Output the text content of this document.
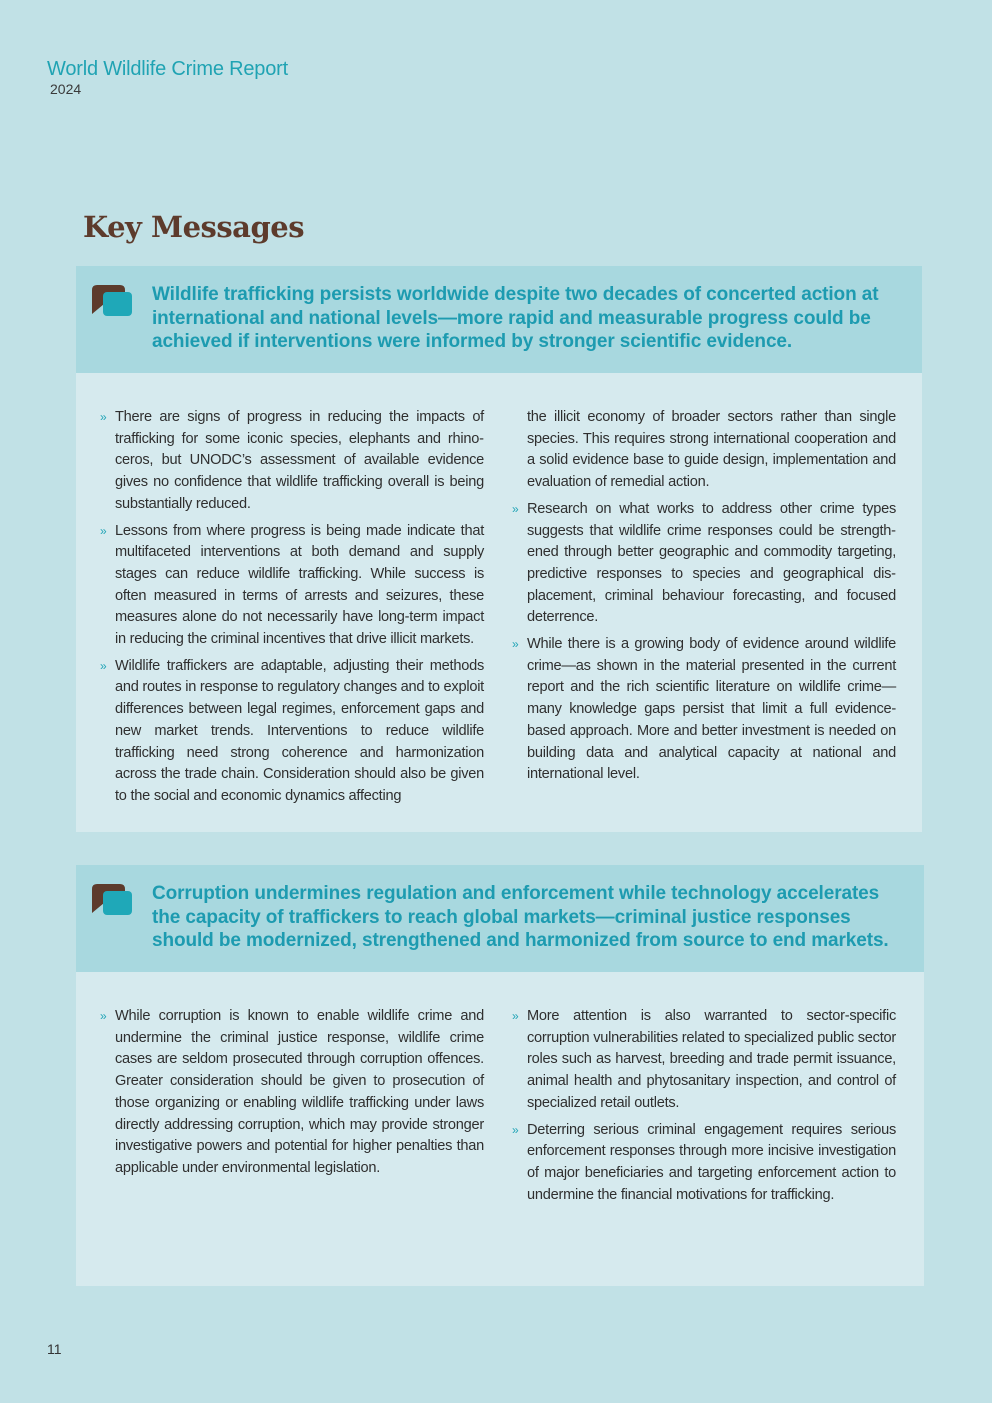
World Wildlife Crime Report
2024
Key Messages

Wildlife trafficking persists worldwide despite two decades of concerted action at international and national levels—more rapid and measurable progress could be achieved if interventions were informed by stronger scientific evidence.

» There are signs of progress in reducing the impacts of trafficking for some iconic species, elephants and rhinoceros, but UNODC’s assessment of available evidence gives no confidence that wildlife trafficking overall is being substantially reduced.
» Lessons from where progress is being made indicate that multifaceted interventions at both demand and supply stages can reduce wildlife trafficking. While success is often measured in terms of arrests and seizures, these measures alone do not necessarily have long-term impact in reducing the criminal incentives that drive illicit markets.
» Wildlife traffickers are adaptable, adjusting their methods and routes in response to regulatory changes and to exploit differences between legal regimes, enforcement gaps and new market trends. Interventions to reduce wildlife trafficking need strong coherence and harmonization across the trade chain. Consideration should also be given to the social and economic dynamics affecting
the illicit economy of broader sectors rather than single species. This requires strong international cooperation and a solid evidence base to guide design, implementation and evaluation of remedial action.
» Research on what works to address other crime types suggests that wildlife crime responses could be strengthened through better geographic and commodity targeting, predictive responses to species and geographical displacement, criminal behaviour forecasting, and focused deterrence.
» While there is a growing body of evidence around wildlife crime—as shown in the material presented in the current report and the rich scientific literature on wildlife crime—many knowledge gaps persist that limit a full evidence-based approach. More and better investment is needed on building data and analytical capacity at national and international level.

Corruption undermines regulation and enforcement while technology accelerates the capacity of traffickers to reach global markets—criminal justice responses should be modernized, strengthened and harmonized from source to end markets.

» While corruption is known to enable wildlife crime and undermine the criminal justice response, wildlife crime cases are seldom prosecuted through corruption offences. Greater consideration should be given to prosecution of those organizing or enabling wildlife trafficking under laws directly addressing corruption, which may provide stronger investigative powers and potential for higher penalties than applicable under environmental legislation.
» More attention is also warranted to sector-specific corruption vulnerabilities related to specialized public sector roles such as harvest, breeding and trade permit issuance, animal health and phytosanitary inspection, and control of specialized retail outlets.
» Deterring serious criminal engagement requires serious enforcement responses through more incisive investigation of major beneficiaries and targeting enforcement action to undermine the financial motivations for trafficking.
11
